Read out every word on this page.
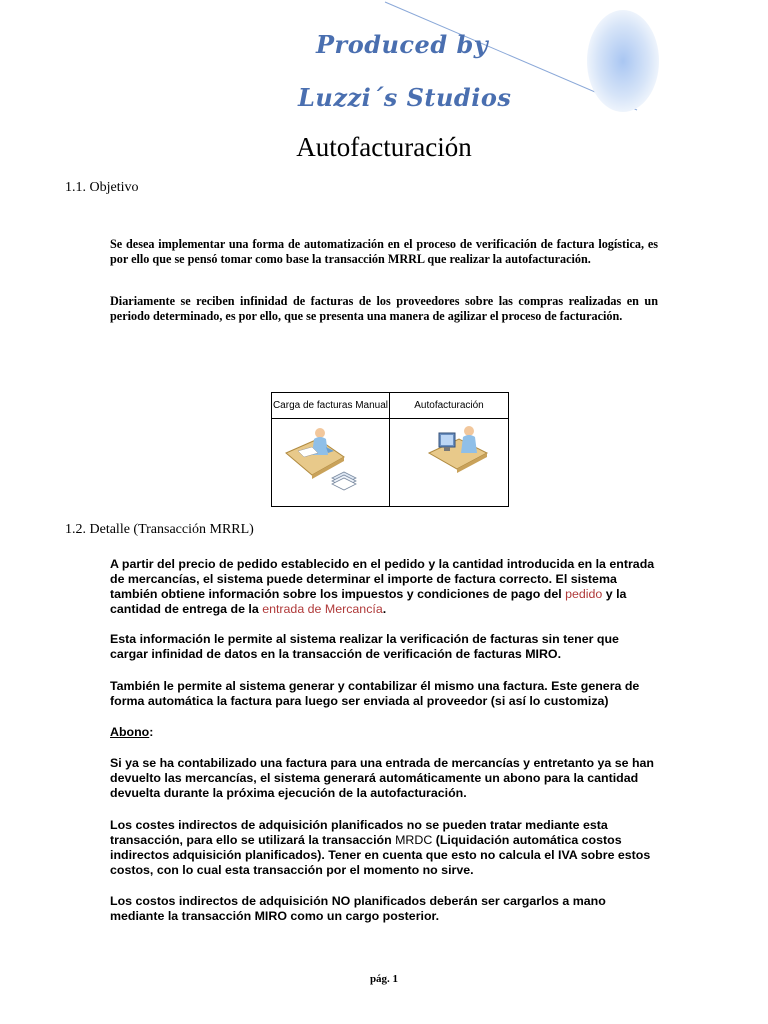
Produced by
Luzzi´s Studios
Autofacturación
1.1. Objetivo
Se desea implementar una forma de automatización en el proceso de verificación de factura logística, es por ello que se pensó tomar como base la transacción MRRL que realizar la autofacturación.
Diariamente se reciben infinidad de facturas de los proveedores sobre las compras realizadas en un periodo determinado, es por ello, que se presenta una manera de agilizar el proceso de facturación.
Carga de facturas Manual	Autofacturación
1.2. Detalle (Transacción MRRL)
A partir del precio de pedido establecido en el pedido y la cantidad introducida en la entrada de mercancías, el sistema puede determinar el importe de factura correcto. El sistema también obtiene información sobre los impuestos y condiciones de pago del pedido y la cantidad de entrega de la entrada de Mercancía.
Esta información le permite al sistema realizar la verificación de facturas sin tener que cargar infinidad de datos en la transacción de verificación de facturas MIRO.
También le permite al sistema generar y contabilizar él mismo una factura. Este genera de forma automática la factura para luego ser enviada al proveedor (si así lo customiza)
Abono:
Si ya se ha contabilizado una factura para una entrada de mercancías y entretanto ya se han devuelto las mercancías, el sistema generará automáticamente un abono para la cantidad devuelta durante la próxima ejecución de la autofacturación.
Los costes indirectos de adquisición planificados no se pueden tratar mediante esta transacción, para ello se utilizará la transacción MRDC (Liquidación automática costos indirectos adquisición planificados). Tener en cuenta que esto no calcula el IVA sobre estos costos, con lo cual esta transacción por el momento no sirve.
Los costos indirectos de adquisición NO planificados deberán ser cargarlos a mano mediante la transacción MIRO como un cargo posterior.
pág. 1
